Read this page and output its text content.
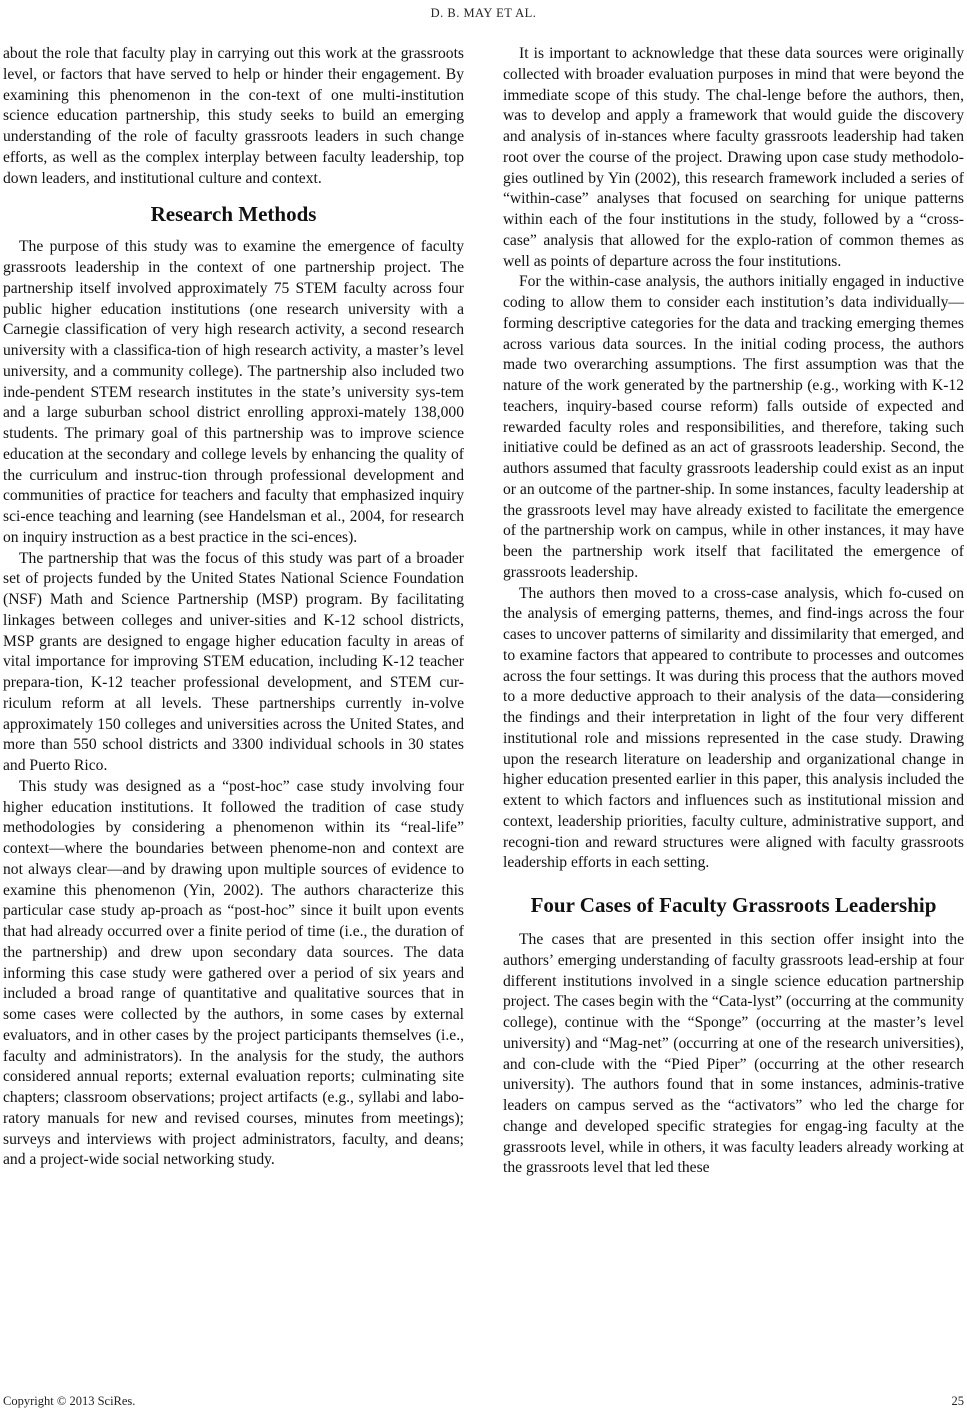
D. B. MAY ET AL.

about the role that faculty play in carrying out this work at the grassroots level, or factors that have served to help or hinder their engagement. By examining this phenomenon in the con-text of one multi-institution science education partnership, this study seeks to build an emerging understanding of the role of faculty grassroots leaders in such change efforts, as well as the complex interplay between faculty leadership, top down leaders, and institutional culture and context.

Research Methods

The purpose of this study was to examine the emergence of faculty grassroots leadership in the context of one partnership project. The partnership itself involved approximately 75 STEM faculty across four public higher education institutions (one research university with a Carnegie classification of very high research activity, a second research university with a classifica-tion of high research activity, a master’s level university, and a community college). The partnership also included two inde-pendent STEM research institutes in the state’s university sys-tem and a large suburban school district enrolling approxi-mately 138,000 students. The primary goal of this partnership was to improve science education at the secondary and college levels by enhancing the quality of the curriculum and instruc-tion through professional development and communities of practice for teachers and faculty that emphasized inquiry sci-ence teaching and learning (see Handelsman et al., 2004, for research on inquiry instruction as a best practice in the sci-ences).

The partnership that was the focus of this study was part of a broader set of projects funded by the United States National Science Foundation (NSF) Math and Science Partnership (MSP) program. By facilitating linkages between colleges and univer-sities and K-12 school districts, MSP grants are designed to engage higher education faculty in areas of vital importance for improving STEM education, including K-12 teacher prepara-tion, K-12 teacher professional development, and STEM cur-riculum reform at all levels. These partnerships currently in-volve approximately 150 colleges and universities across the United States, and more than 550 school districts and 3300 individual schools in 30 states and Puerto Rico.

This study was designed as a “post-hoc” case study involving four higher education institutions. It followed the tradition of case study methodologies by considering a phenomenon within its “real-life” context—where the boundaries between phenome-non and context are not always clear—and by drawing upon multiple sources of evidence to examine this phenomenon (Yin, 2002). The authors characterize this particular case study ap-proach as “post-hoc” since it built upon events that had already occurred over a finite period of time (i.e., the duration of the partnership) and drew upon secondary data sources. The data informing this case study were gathered over a period of six years and included a broad range of quantitative and qualitative sources that in some cases were collected by the authors, in some cases by external evaluators, and in other cases by the project participants themselves (i.e., faculty and administrators). In the analysis for the study, the authors considered annual reports; external evaluation reports; culminating site chapters; classroom observations; project artifacts (e.g., syllabi and labo-ratory manuals for new and revised courses, minutes from meetings); surveys and interviews with project administrators, faculty, and deans; and a project-wide social networking study.

It is important to acknowledge that these data sources were originally collected with broader evaluation purposes in mind that were beyond the immediate scope of this study. The chal-lenge before the authors, then, was to develop and apply a framework that would guide the discovery and analysis of in-stances where faculty grassroots leadership had taken root over the course of the project. Drawing upon case study methodolo-gies outlined by Yin (2002), this research framework included a series of “within-case” analyses that focused on searching for unique patterns within each of the four institutions in the study, followed by a “cross-case” analysis that allowed for the explo-ration of common themes as well as points of departure across the four institutions.

For the within-case analysis, the authors initially engaged in inductive coding to allow them to consider each institution’s data individually—forming descriptive categories for the data and tracking emerging themes across various data sources. In the initial coding process, the authors made two overarching assumptions. The first assumption was that the nature of the work generated by the partnership (e.g., working with K-12 teachers, inquiry-based course reform) falls outside of expected and rewarded faculty roles and responsibilities, and therefore, taking such initiative could be defined as an act of grassroots leadership. Second, the authors assumed that faculty grassroots leadership could exist as an input or an outcome of the partner-ship. In some instances, faculty leadership at the grassroots level may have already existed to facilitate the emergence of the partnership work on campus, while in other instances, it may have been the partnership work itself that facilitated the emergence of grassroots leadership.

The authors then moved to a cross-case analysis, which fo-cused on the analysis of emerging patterns, themes, and find-ings across the four cases to uncover patterns of similarity and dissimilarity that emerged, and to examine factors that appeared to contribute to processes and outcomes across the four settings. It was during this process that the authors moved to a more deductive approach to their analysis of the data—considering the findings and their interpretation in light of the four very different institutional role and missions represented in the case study. Drawing upon the research literature on leadership and organizational change in higher education presented earlier in this paper, this analysis included the extent to which factors and influences such as institutional mission and context, leadership priorities, faculty culture, administrative support, and recogni-tion and reward structures were aligned with faculty grassroots leadership efforts in each setting.

Four Cases of Faculty Grassroots Leadership

The cases that are presented in this section offer insight into the authors’ emerging understanding of faculty grassroots lead-ership at four different institutions involved in a single science education partnership project. The cases begin with the “Cata-lyst” (occurring at the community college), continue with the “Sponge” (occurring at the master’s level university) and “Mag-net” (occurring at one of the research universities), and con-clude with the “Pied Piper” (occurring at the other research university). The authors found that in some instances, adminis-trative leaders on campus served as the “activators” who led the charge for change and developed specific strategies for engag-ing faculty at the grassroots level, while in others, it was faculty leaders already working at the grassroots level that led these

Copyright © 2013 SciRes.	25
